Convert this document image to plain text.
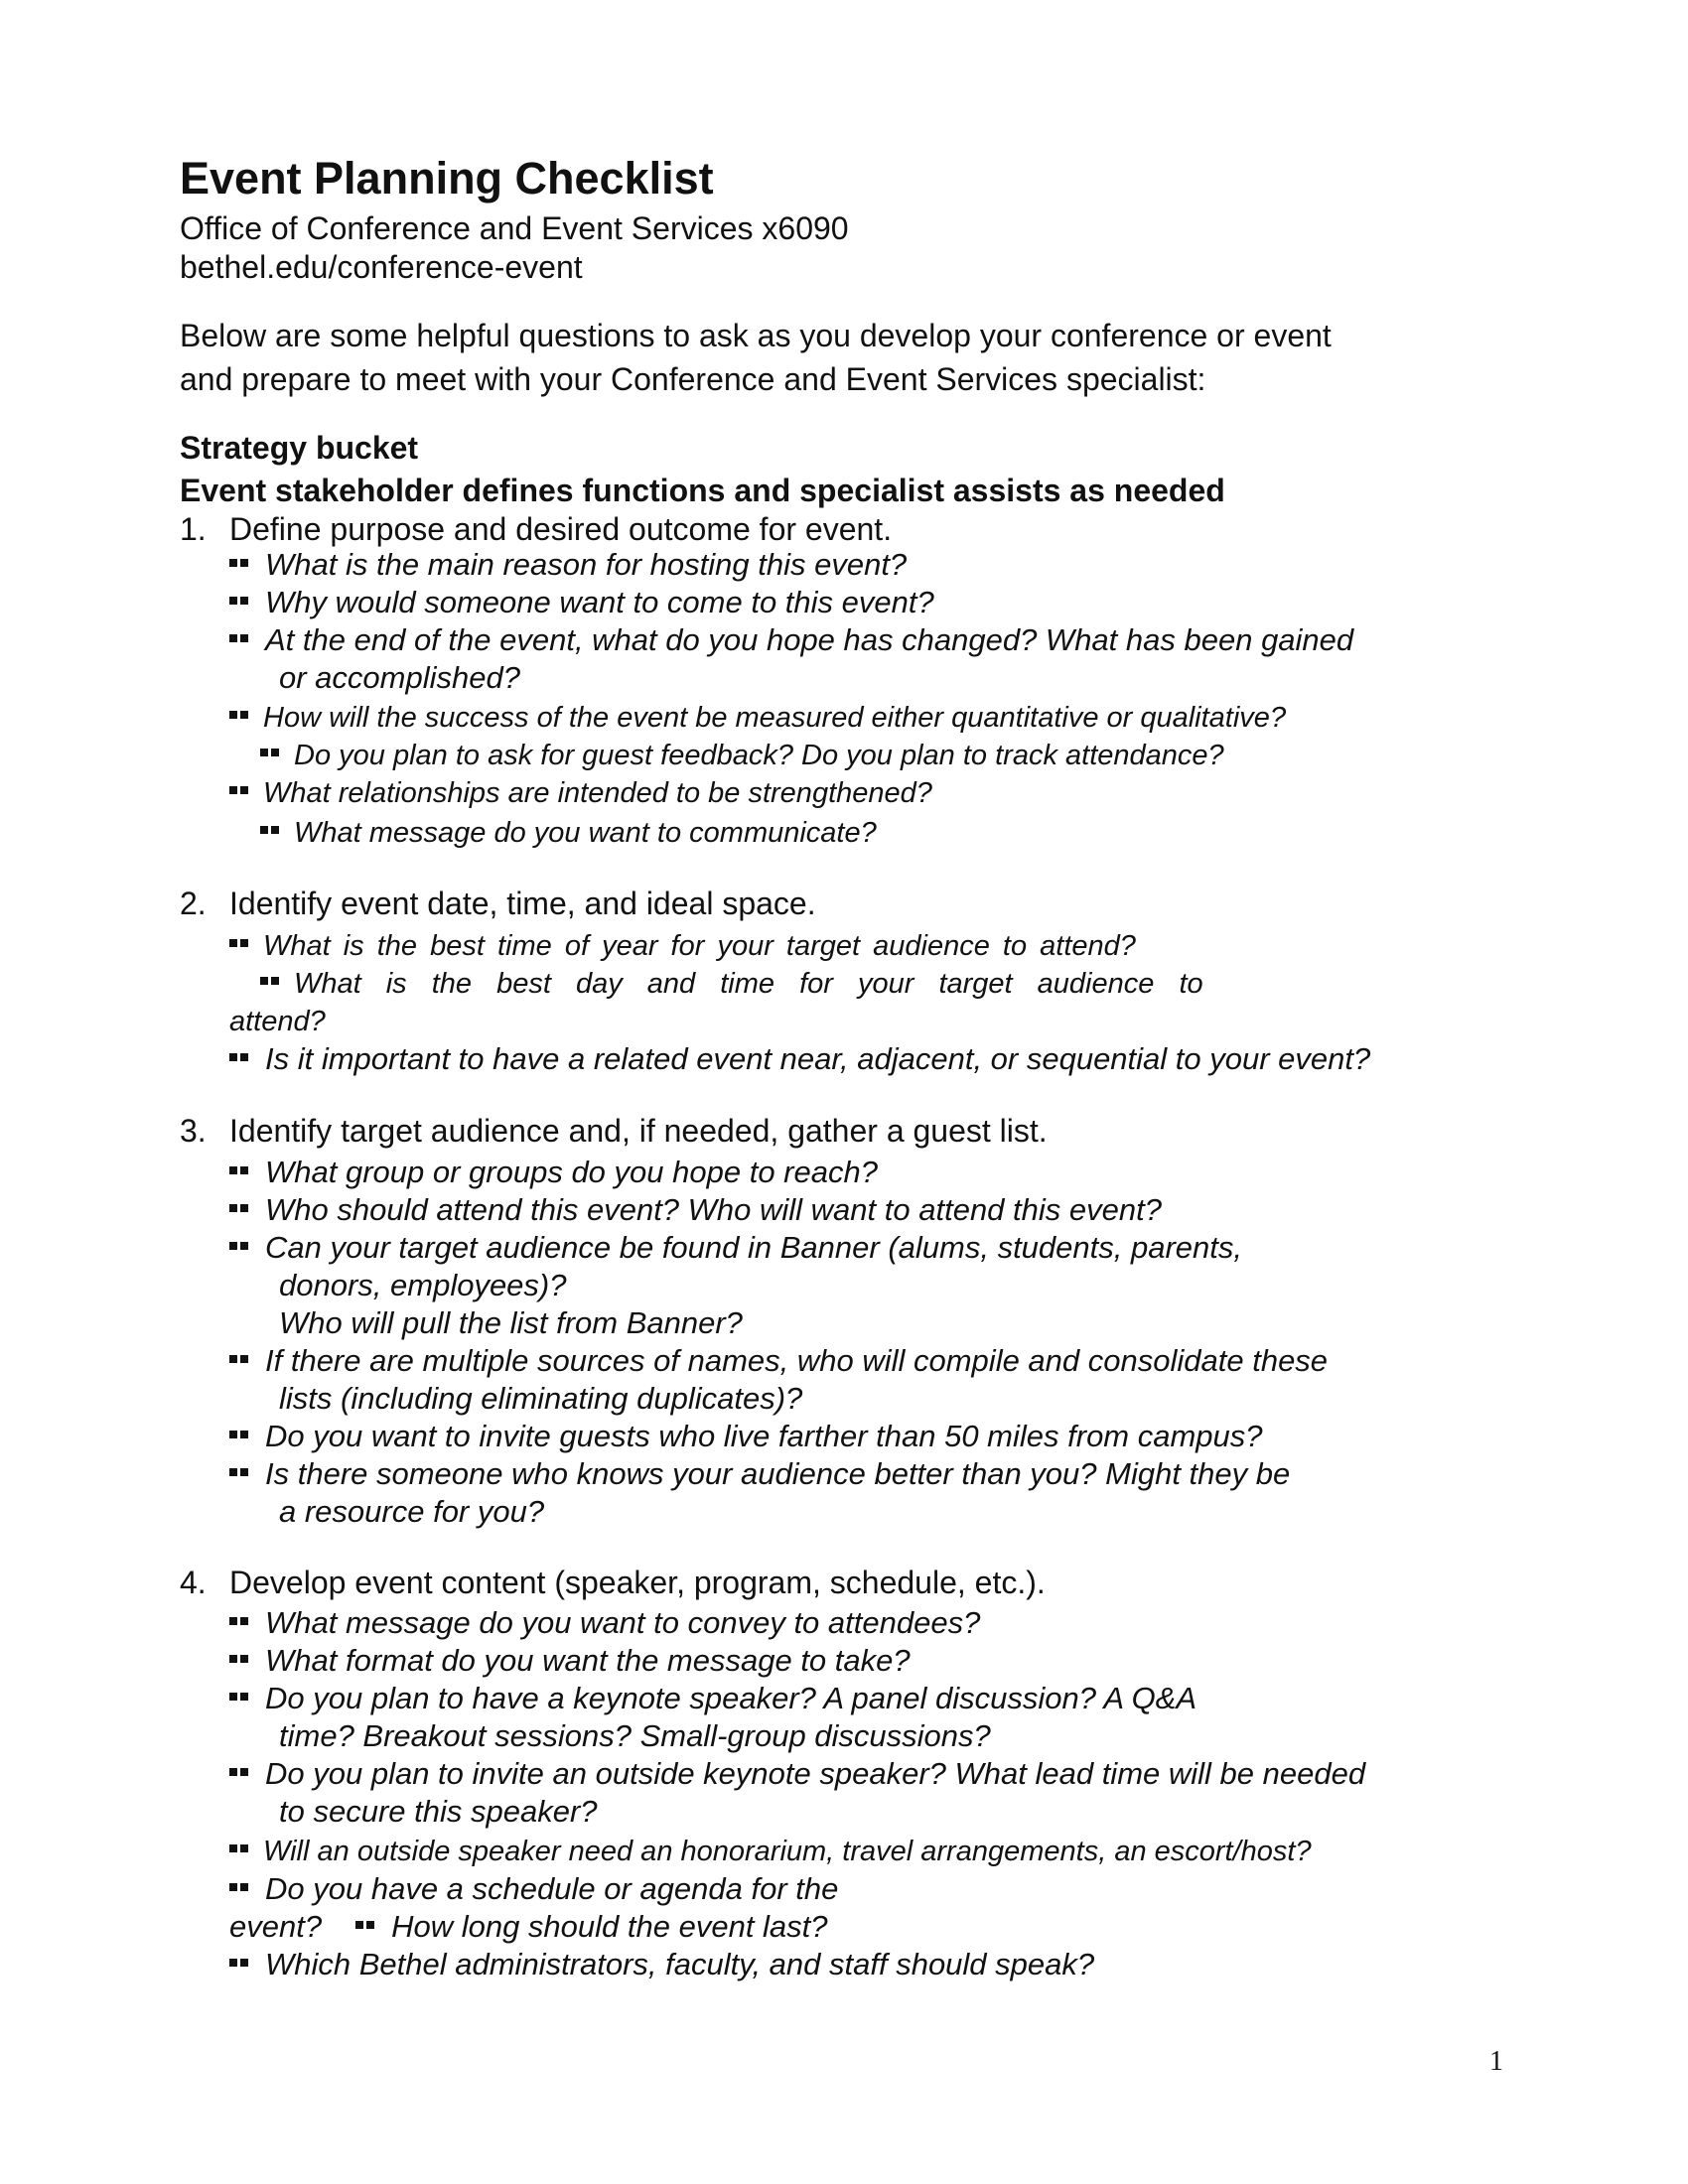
Event Planning Checklist
Office of Conference and Event Services x6090
bethel.edu/conference-event
Below are some helpful questions to ask as you develop your conference or event
and prepare to meet with your Conference and Event Services specialist:
Strategy bucket
Event stakeholder defines functions and specialist assists as needed
1. Define purpose and desired outcome for event.
What is the main reason for hosting this event?
Why would someone want to come to this event?
At the end of the event, what do you hope has changed? What has been gained
or accomplished?
How will the success of the event be measured either quantitative or qualitative?
Do you plan to ask for guest feedback? Do you plan to track attendance?
What relationships are intended to be strengthened?
What message do you want to communicate?
2. Identify event date, time, and ideal space.
What is the best time of year for your target audience to attend?
What is the best day and time for your target audience to
attend?
Is it important to have a related event near, adjacent, or sequential to your event?
3. Identify target audience and, if needed, gather a guest list.
What group or groups do you hope to reach?
Who should attend this event? Who will want to attend this event?
Can your target audience be found in Banner (alums, students, parents,
donors, employees)?
Who will pull the list from Banner?
If there are multiple sources of names, who will compile and consolidate these
lists (including eliminating duplicates)?
Do you want to invite guests who live farther than 50 miles from campus?
Is there someone who knows your audience better than you? Might they be
a resource for you?
4. Develop event content (speaker, program, schedule, etc.).
What message do you want to convey to attendees?
What format do you want the message to take?
Do you plan to have a keynote speaker? A panel discussion? A Q&A
time? Breakout sessions? Small-group discussions?
Do you plan to invite an outside keynote speaker? What lead time will be needed
to secure this speaker?
Will an outside speaker need an honorarium, travel arrangements, an escort/host?
Do you have a schedule or agenda for the
event? How long should the event last?
Which Bethel administrators, faculty, and staff should speak?
1
